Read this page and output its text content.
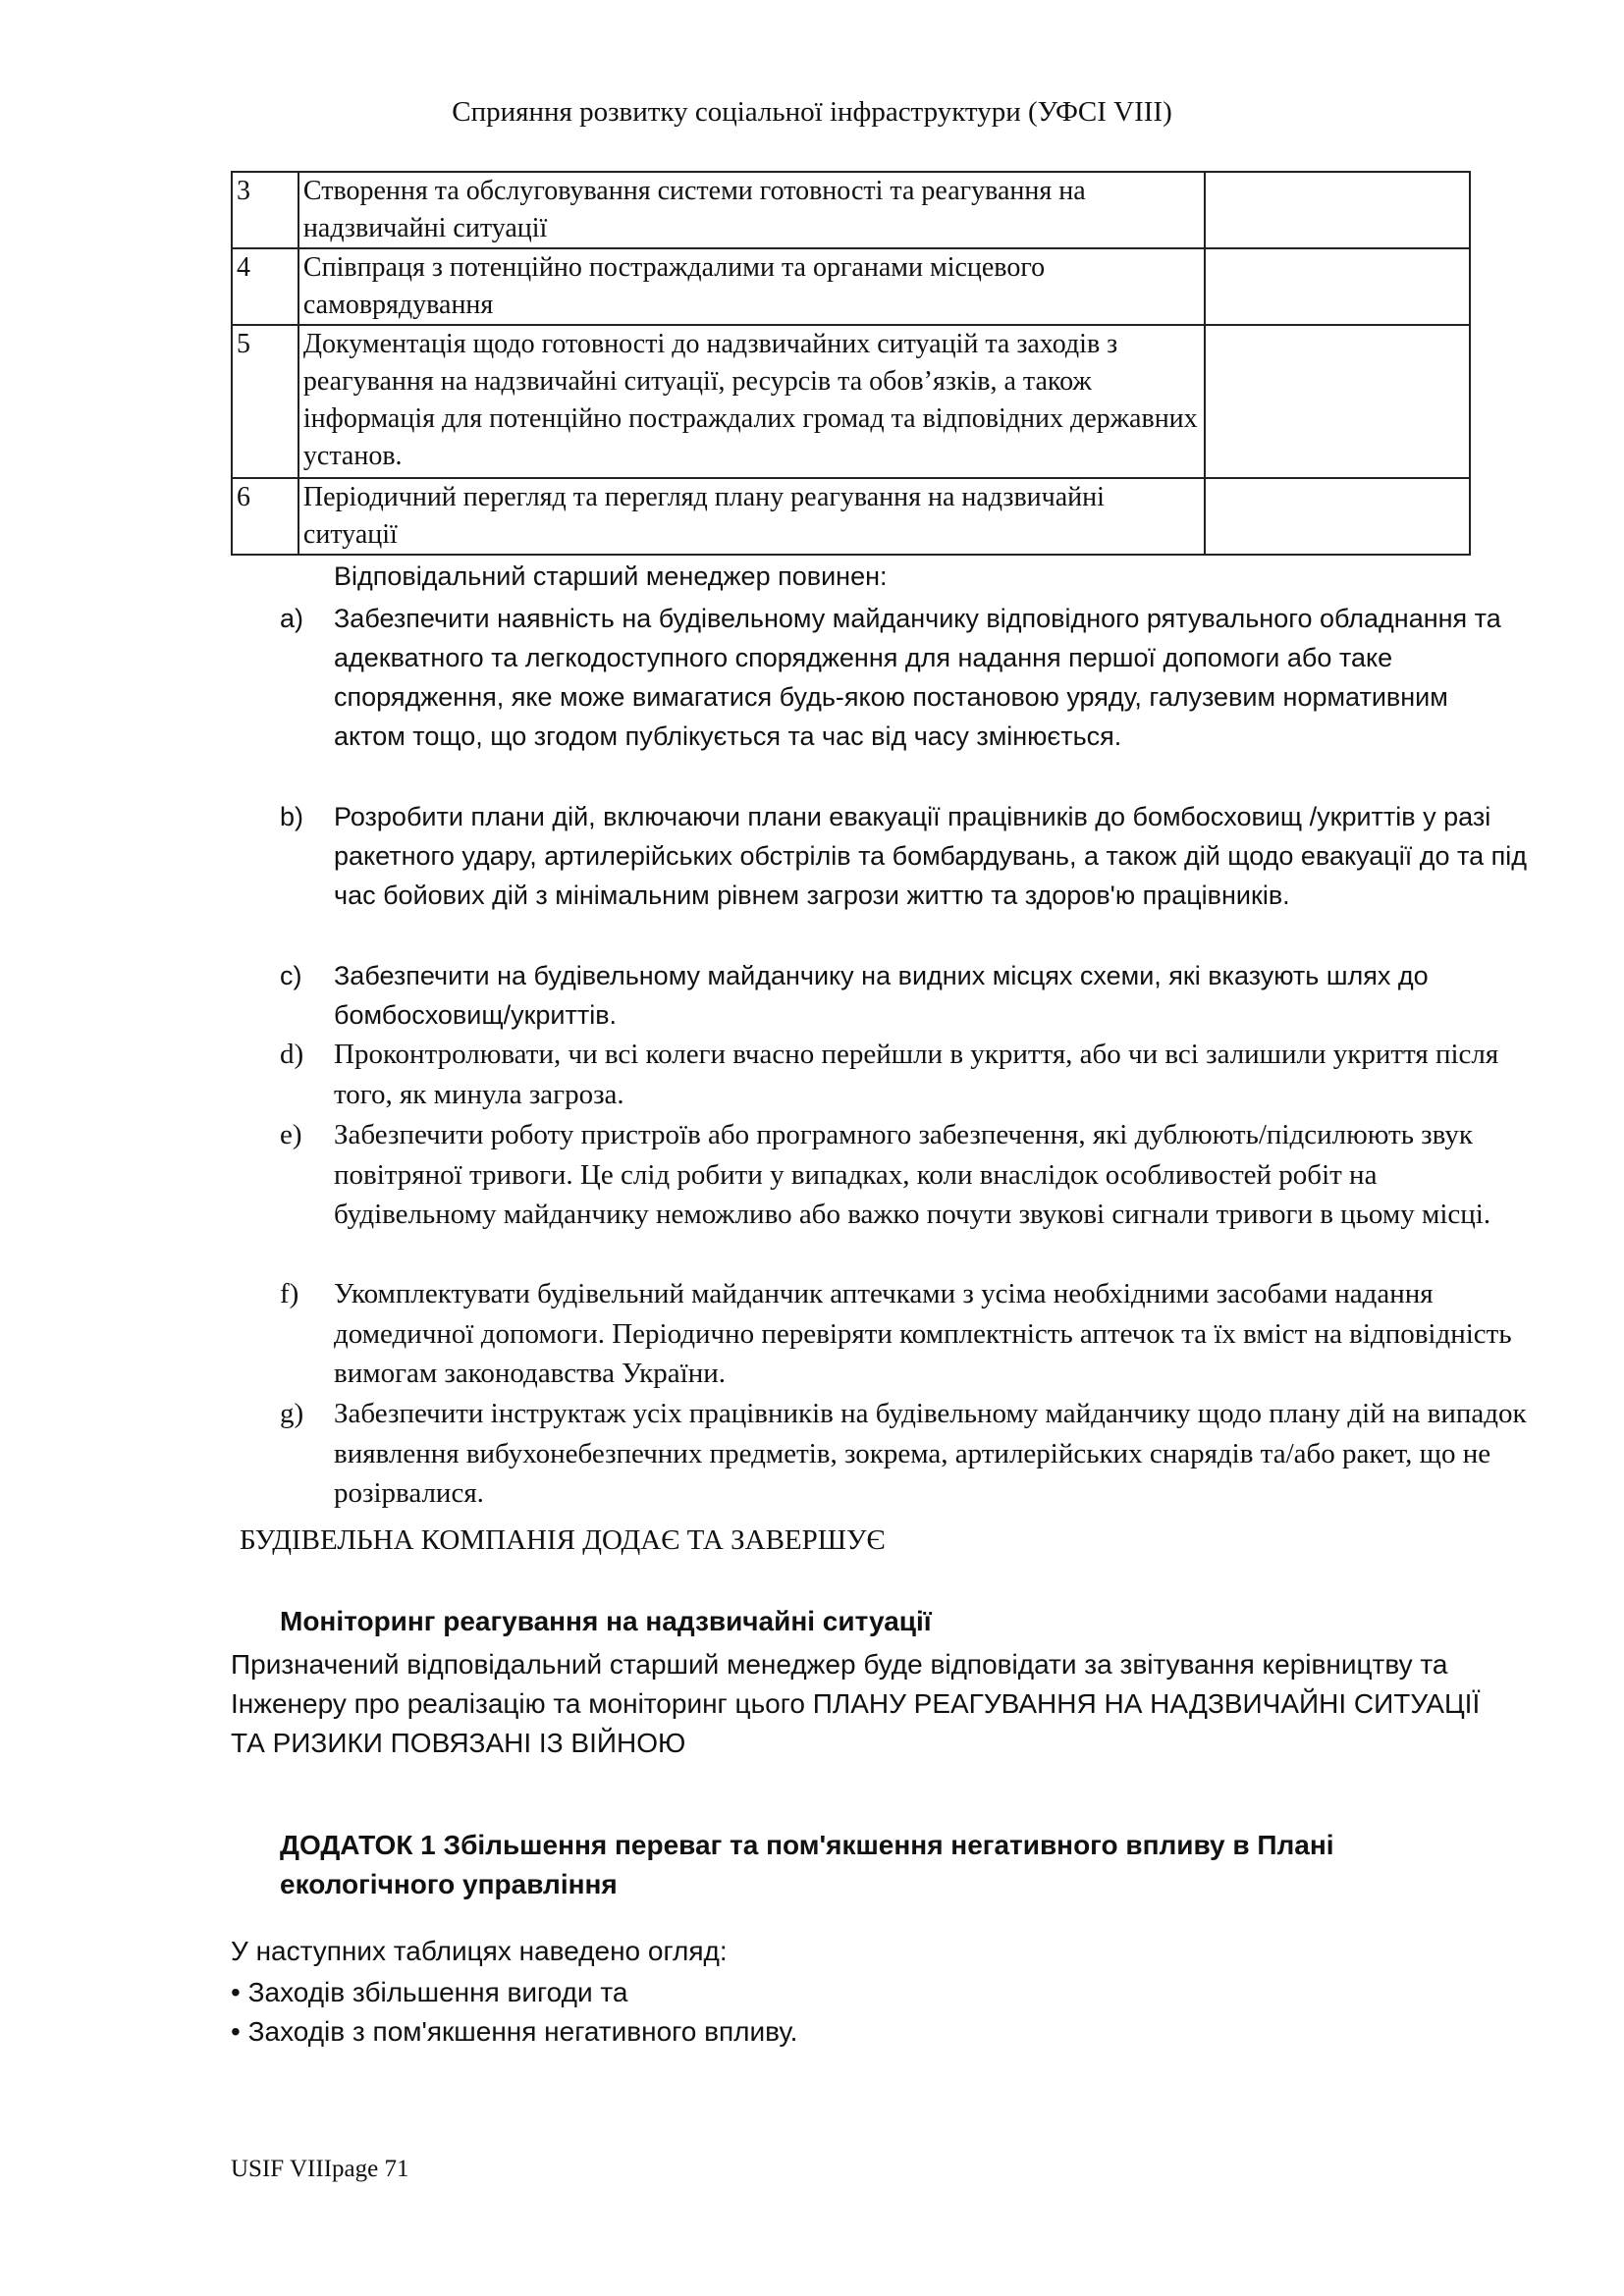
Сприяння розвитку соціальної інфраструктури (УФСІ VIII)
3	Створення та обслуговування системи готовності та реагування на надзвичайні ситуації	
4	Співпраця з потенційно постраждалими та органами місцевого самоврядування	
5	Документація щодо готовності до надзвичайних ситуацій та заходів з реагування на надзвичайні ситуації, ресурсів та обов’язків, а також інформація для потенційно постраждалих громад та відповідних державних установ.	
6	Періодичний перегляд та перегляд плану реагування на надзвичайні ситуації	
Відповідальний старший менеджер повинен:
a) Забезпечити наявність на будівельному майданчику відповідного рятувального обладнання та адекватного та легкодоступного спорядження для надання першої допомоги або таке спорядження, яке може вимагатися будь-якою постановою уряду, галузевим нормативним актом тощо, що згодом публікується та час від часу змінюється.
b) Розробити плани дій, включаючи плани евакуації працівників до бомбосховищ /укриттів у разі ракетного удару, артилерійських обстрілів та бомбардувань, а також дій щодо евакуації до та під час бойових дій з мінімальним рівнем загрози життю та здоров'ю працівників.
c) Забезпечити на будівельному майданчику на видних місцях схеми, які вказують шлях до бомбосховищ/укриттів.
d) Проконтролювати, чи всі колеги вчасно перейшли в укриття, або чи всі залишили укриття після того, як минула загроза.
e) Забезпечити роботу пристроїв або програмного забезпечення, які дублюють/підсилюють звук повітряної тривоги. Це слід робити у випадках, коли внаслідок особливостей робіт на будівельному майданчику неможливо або важко почути звукові сигнали тривоги в цьому місці.
f) Укомплектувати будівельний майданчик аптечками з усіма необхідними засобами надання домедичної допомоги. Періодично перевіряти комплектність аптечок та їх вміст на відповідність вимогам законодавства України.
g) Забезпечити інструктаж усіх працівників на будівельному майданчику щодо плану дій на випадок виявлення вибухонебезпечних предметів, зокрема, артилерійських снарядів та/або ракет, що не розірвалися.
БУДІВЕЛЬНА КОМПАНІЯ ДОДАЄ ТА ЗАВЕРШУЄ
Моніторинг реагування на надзвичайні ситуації
Призначений відповідальний старший менеджер буде відповідати за звітування керівництву та Інженеру про реалізацію та моніторинг цього ПЛАНУ РЕАГУВАННЯ НА НАДЗВИЧАЙНІ СИТУАЦІЇ ТА РИЗИКИ ПОВЯЗАНІ ІЗ ВІЙНОЮ
ДОДАТОК 1 Збільшення переваг та пом'якшення негативного впливу в Плані екологічного управління
У наступних таблицях наведено огляд:
• Заходів збільшення вигоди та
• Заходів з пом'якшення негативного впливу.
USIF VIIIpage 71
